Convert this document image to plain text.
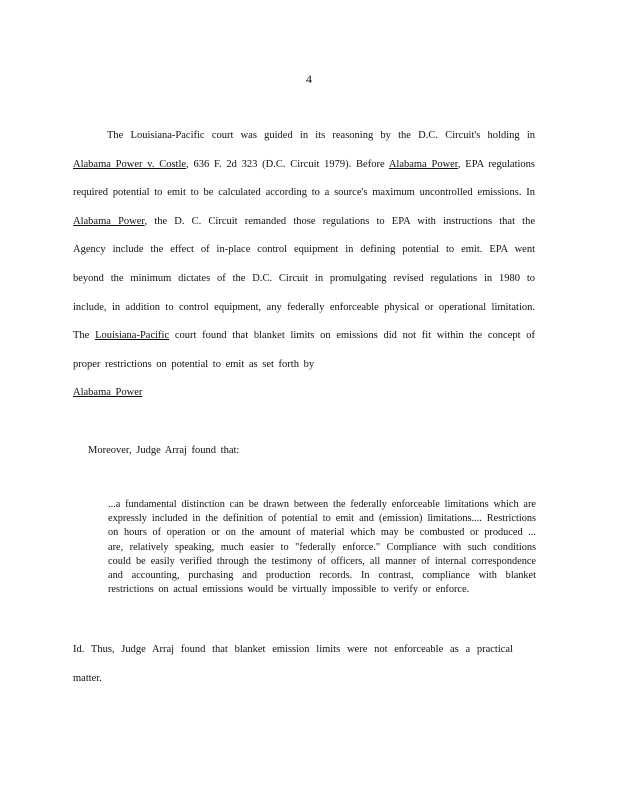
4
The Louisiana-Pacific court was guided in its reasoning by the D.C. Circuit's holding in Alabama Power v. Costle, 636 F. 2d 323 (D.C. Circuit 1979). Before Alabama Power, EPA regulations required potential to emit to be calculated according to a source's maximum uncontrolled emissions. In Alabama Power, the D. C. Circuit remanded those regulations to EPA with instructions that the Agency include the effect of in-place control equipment in defining potential to emit. EPA went beyond the minimum dictates of the D.C. Circuit in promulgating revised regulations in 1980 to include, in addition to control equipment, any federally enforceable physical or operational limitation. The Louisiana-Pacific court found that blanket limits on emissions did not fit within the concept of proper restrictions on potential to emit as set forth by
Alabama Power
Moreover, Judge Arraj found that:
...a fundamental distinction can be drawn between the federally enforceable limitations which are expressly included in the definition of potential to emit and (emission) limitations.... Restrictions on hours of operation or on the amount of material which may be combusted or produced ... are, relatively speaking, much easier to "federally enforce." Compliance with such conditions could be easily verified through the testimony of officers, all manner of internal correspondence and accounting, purchasing and production records. In contrast, compliance with blanket restrictions on actual emissions would be virtually impossible to verify or enforce.
Id. Thus, Judge Arraj found that blanket emission limits were not enforceable as a practical matter.
